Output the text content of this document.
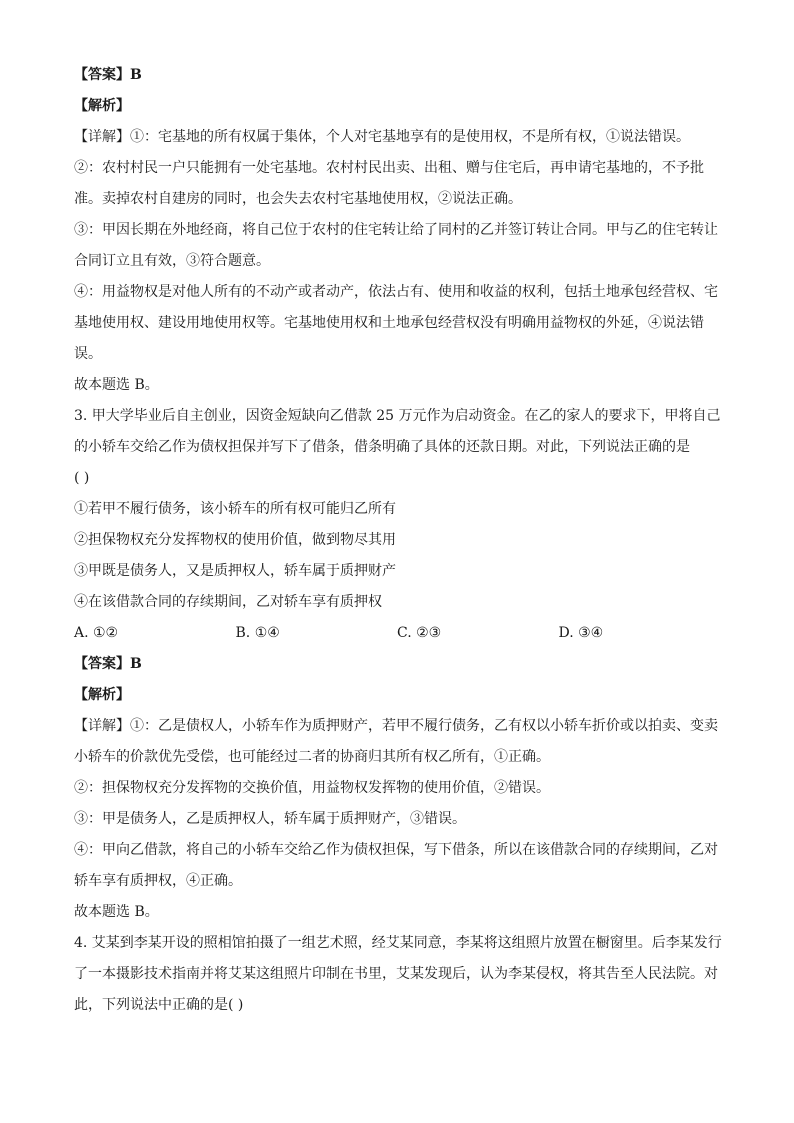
【答案】B
【解析】
【详解】①：宅基地的所有权属于集体，个人对宅基地享有的是使用权，不是所有权，①说法错误。
②：农村村民一户只能拥有一处宅基地。农村村民出卖、出租、赠与住宅后，再申请宅基地的，不予批
准。卖掉农村自建房的同时，也会失去农村宅基地使用权，②说法正确。
③：甲因长期在外地经商，将自己位于农村的住宅转让给了同村的乙并签订转让合同。甲与乙的住宅转让
合同订立且有效，③符合题意。
④：用益物权是对他人所有的不动产或者动产，依法占有、使用和收益的权利，包括土地承包经营权、宅
基地使用权、建设用地使用权等。宅基地使用权和土地承包经营权没有明确用益物权的外延，④说法错
误。
故本题选 B。
3. 甲大学毕业后自主创业，因资金短缺向乙借款 25 万元作为启动资金。在乙的家人的要求下，甲将自己
的小轿车交给乙作为债权担保并写下了借条，借条明确了具体的还款日期。对此，下列说法正确的是
( )
①若甲不履行债务，该小轿车的所有权可能归乙所有
②担保物权充分发挥物权的使用价值，做到物尽其用
③甲既是债务人，又是质押权人，轿车属于质押财产
④在该借款合同的存续期间，乙对轿车享有质押权
A. ①②	B. ①④	C. ②③	D. ③④
【答案】B
【解析】
【详解】①：乙是债权人，小轿车作为质押财产，若甲不履行债务，乙有权以小轿车折价或以拍卖、变卖
小轿车的价款优先受偿，也可能经过二者的协商归其所有权乙所有，①正确。
②：担保物权充分发挥物的交换价值，用益物权发挥物的使用价值，②错误。
③：甲是债务人，乙是质押权人，轿车属于质押财产，③错误。
④：甲向乙借款，将自己的小轿车交给乙作为债权担保，写下借条，所以在该借款合同的存续期间，乙对
轿车享有质押权，④正确。
故本题选 B。
4. 艾某到李某开设的照相馆拍摄了一组艺术照，经艾某同意，李某将这组照片放置在橱窗里。后李某发行
了一本摄影技术指南并将艾某这组照片印制在书里，艾某发现后，认为李某侵权，将其告至人民法院。对
此，下列说法中正确的是( )
